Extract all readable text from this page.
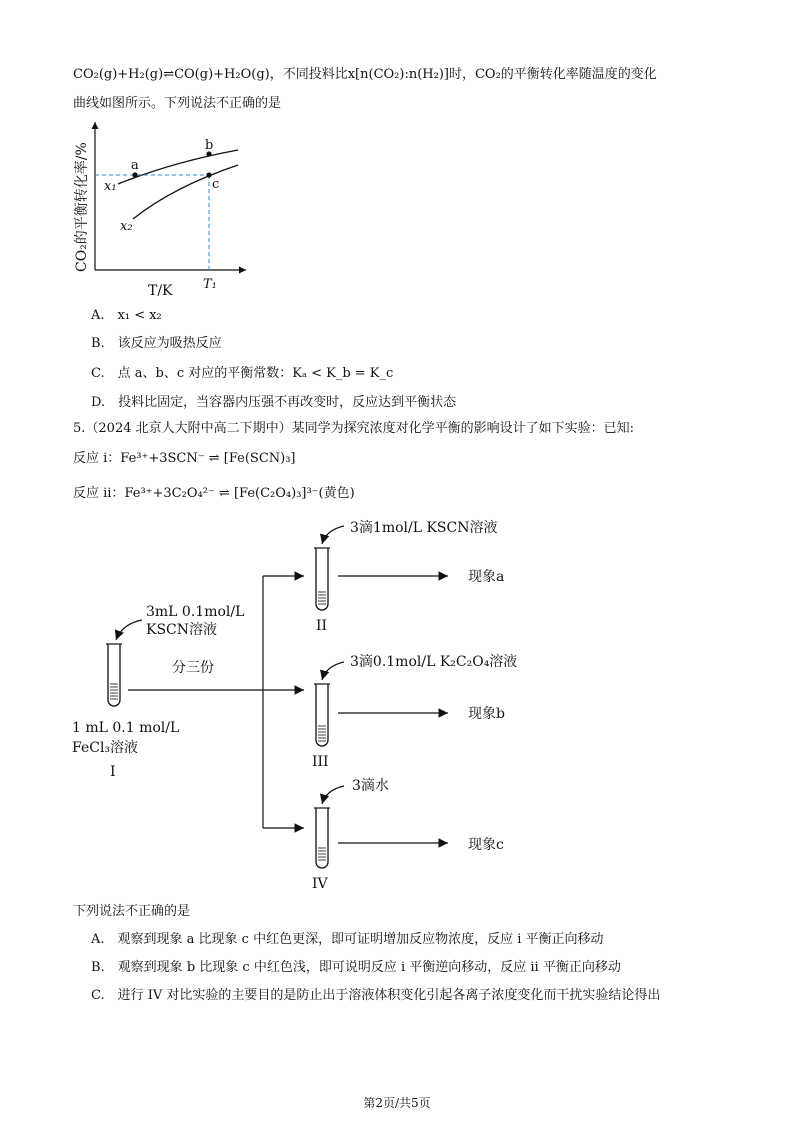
CO₂(g)+H₂(g)⇌CO(g)+H₂O(g)，不同投料比x[n(CO₂):n(H₂)]时，CO₂的平衡转化率随温度的变化
曲线如图所示。下列说法不正确的是
a
b
c
x₁
x₂
T₁
T/K
CO₂的平衡转化率/%
A.　x₁ < x₂
B.　该反应为吸热反应
C.　点 a、b、c 对应的平衡常数：Kₐ < K_b = K_c
D.　投料比固定，当容器内压强不再改变时，反应达到平衡状态
5.（2024 北京人大附中高二下期中）某同学为探究浓度对化学平衡的影响设计了如下实验：已知:
反应 i：Fe³⁺+3SCN⁻ ⇌ [Fe(SCN)₃]
反应 ii：Fe³⁺+3C₂O₄²⁻ ⇌ [Fe(C₂O₄)₃]³⁻(黄色)
3mL 0.1mol/L
KSCN溶液
1 mL 0.1 mol/L
FeCl₃溶液
I
分三份
3滴1mol/L KSCN溶液
II
现象a
3滴0.1mol/L K₂C₂O₄溶液
III
现象b
3滴水
IV
现象c
下列说法不正确的是
A.　观察到现象 a 比现象 c 中红色更深，即可证明增加反应物浓度，反应 i 平衡正向移动
B.　观察到现象 b 比现象 c 中红色浅，即可说明反应 i 平衡逆向移动，反应 ii 平衡正向移动
C.　进行 IV 对比实验的主要目的是防止出于溶液体积变化引起各离子浓度变化而干扰实验结论得出
第2页/共5页
